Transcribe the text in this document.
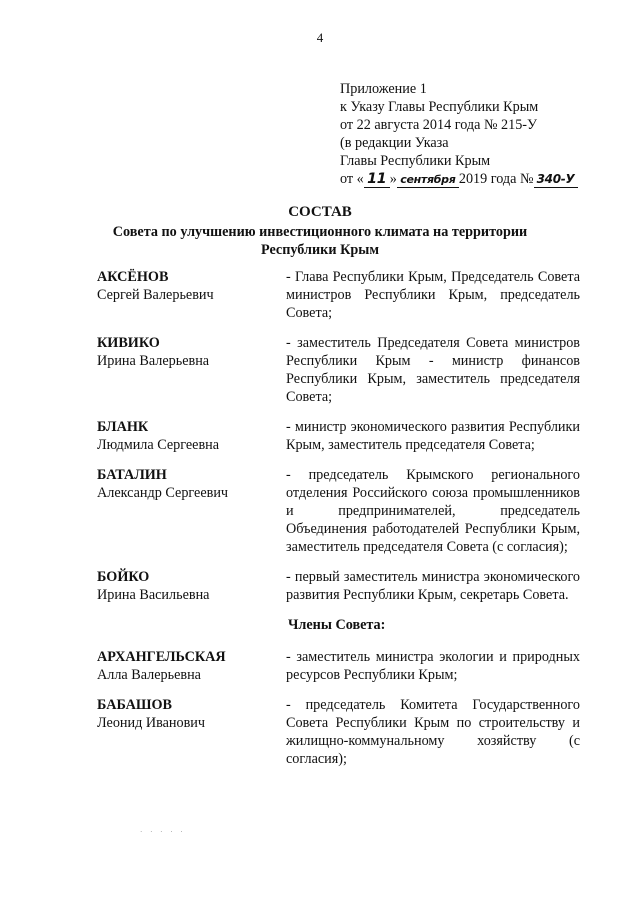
4
Приложение 1
к Указу Главы Республики Крым
от 22 августа 2014 года № 215-У
(в редакции Указа
Главы Республики Крым
от « 11 » сентября 2019 года № 340-У
СОСТАВ
Совета по улучшению инвестиционного климата на территории
Республики Крым
АКСЁНОВ
Сергей Валерьевич
- Глава Республики Крым, Председатель Совета министров Республики Крым, председатель Совета;
КИВИКО
Ирина Валерьевна
- заместитель Председателя Совета министров Республики Крым - министр финансов Республики Крым, заместитель председателя Совета;
БЛАНК
Людмила Сергеевна
- министр экономического развития Республики Крым, заместитель председателя Совета;
БАТАЛИН
Александр Сергеевич
- председатель Крымского регионального отделения Российского союза промышленников и предпринимателей, председатель Объединения работодателей Республики Крым, заместитель председателя Совета (с согласия);
БОЙКО
Ирина Васильевна
- первый заместитель министра экономического развития Республики Крым, секретарь Совета.
Члены Совета:
АРХАНГЕЛЬСКАЯ
Алла Валерьевна
- заместитель министра экологии и природных ресурсов Республики Крым;
БАБАШОВ
Леонид Иванович
- председатель Комитета Государственного Совета Республики Крым по строительству и жилищно-коммунальному хозяйству (с согласия);
· · · · ·
